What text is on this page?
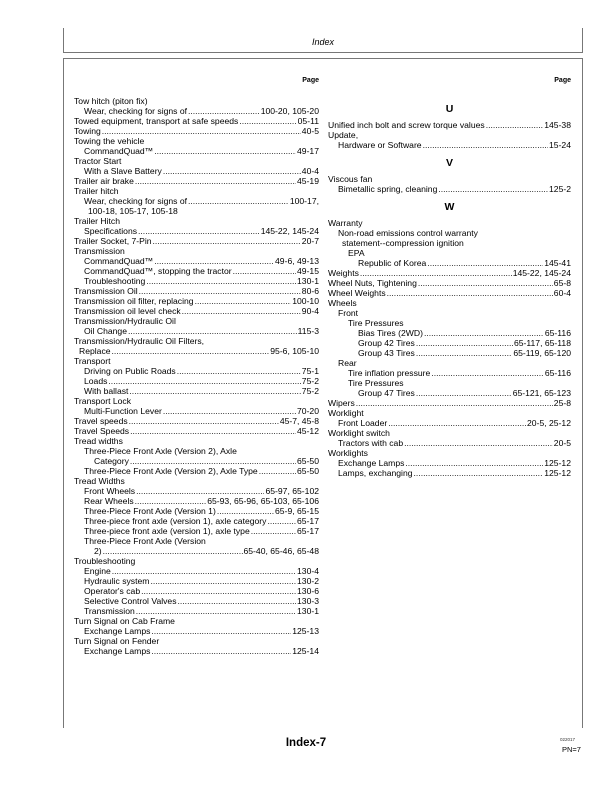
Index
Page
Tow hitch (piton fix)
Wear, checking for signs of .....	100-20, 105-20
Towed equipment, transport at safe speeds .....	05-11
Towing .....	40-5
Towing the vehicle
CommandQuad™ .....	49-17
Tractor Start
With a Slave Battery .....	40-4
Trailer air brake .....	45-19
Trailer hitch
Wear, checking for signs of .....	100-17,
100-18, 105-17, 105-18
Trailer Hitch
Specifications .....	145-22, 145-24
Trailer Socket, 7-Pin .....	20-7
Transmission
CommandQuad™ .....	49-6, 49-13
CommandQuad™, stopping the tractor .....	49-15
Troubleshooting .....	130-1
Transmission Oil .....	80-6
Transmission oil filter, replacing .....	100-10
Transmission oil level check .....	90-4
Transmission/Hydraulic Oil
Oil Change .....	115-3
Transmission/Hydraulic Oil Filters,
Replace .....	95-6, 105-10
Transport
Driving on Public Roads .....	75-1
Loads .....	75-2
With ballast .....	75-2
Transport Lock
Multi-Function Lever .....	70-20
Travel speeds .....	45-7, 45-8
Travel Speeds .....	45-12
Tread widths
Three-Piece Front Axle (Version 2), Axle
Category .....	65-50
Three-Piece Front Axle (Version 2), Axle Type .....	65-50
Tread Widths
Front Wheels .....	65-97, 65-102
Rear Wheels .....	65-93, 65-96, 65-103, 65-106
Three-Piece Front Axle (Version 1) .....	65-9, 65-15
Three-piece front axle (version 1), axle category .....	65-17
Three-piece front axle (version 1), axle type .....	65-17
Three-Piece Front Axle (Version
2) .....	65-40, 65-46, 65-48
Troubleshooting
Engine .....	130-4
Hydraulic system .....	130-2
Operator's cab .....	130-6
Selective Control Valves .....	130-3
Transmission .....	130-1
Turn Signal on Cab Frame
Exchange Lamps .....	125-13
Turn Signal on Fender
Exchange Lamps .....	125-14
Page
U
Unified inch bolt and screw torque values .....	145-38
Update,
Hardware or Software .....	15-24
V
Viscous fan
Bimetallic spring, cleaning .....	125-2
W
Warranty
Non-road emissions control warranty
statement--compression ignition
EPA
Republic of Korea .....	145-41
Weights .....	145-22, 145-24
Wheel Nuts, Tightening .....	65-8
Wheel Weights .....	60-4
Wheels
Front
Tire Pressures
Bias Tires (2WD) .....	65-116
Group 42 Tires .....	65-117, 65-118
Group 43 Tires .....	65-119, 65-120
Rear
Tire inflation pressure .....	65-116
Tire Pressures
Group 47 Tires .....	65-121, 65-123
Wipers .....	25-8
Worklight
Front Loader .....	20-5, 25-12
Worklight switch
Tractors with cab .....	20-5
Worklights
Exchange Lamps .....	125-12
Lamps, exchanging .....	125-12
Index-7	022017
PN=7
